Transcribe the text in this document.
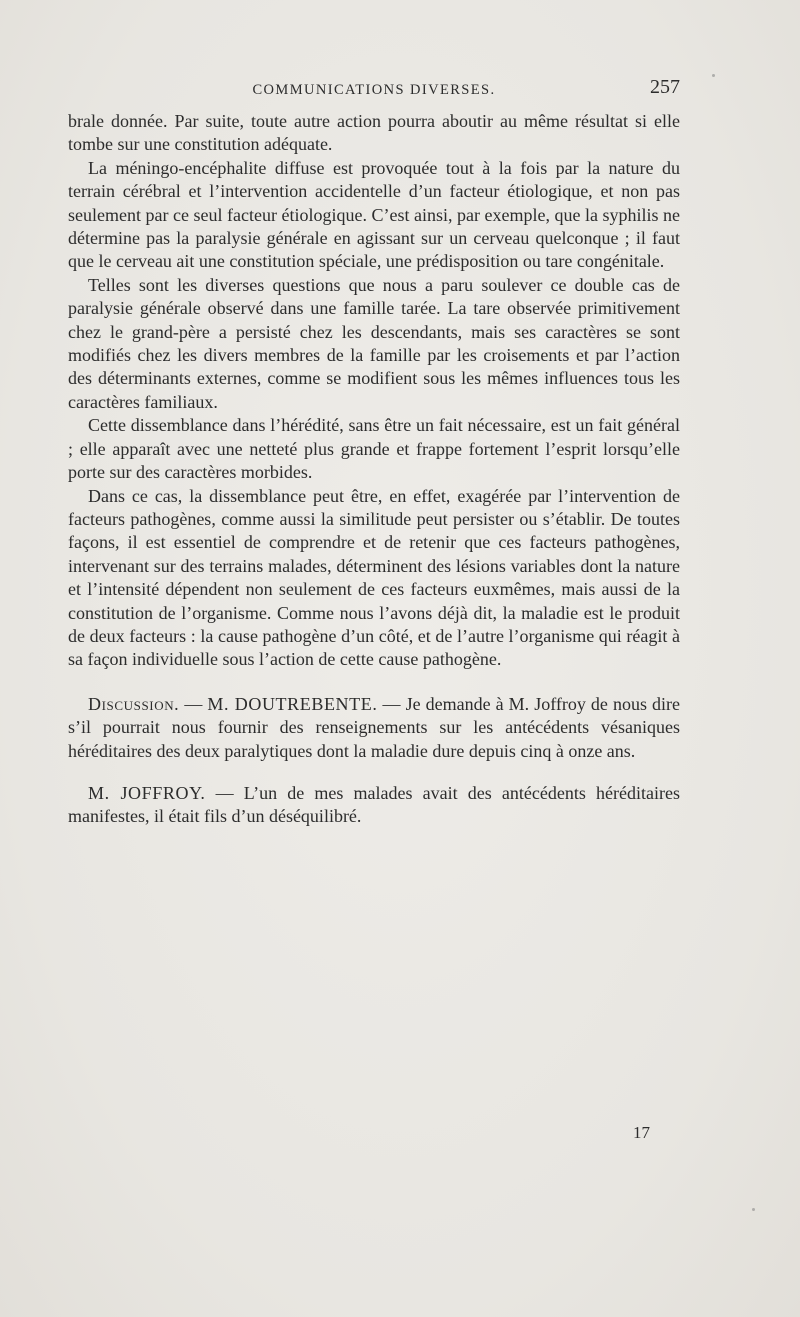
COMMUNICATIONS DIVERSES.	257

brale donnée. Par suite, toute autre action pourra aboutir au même résultat si elle tombe sur une constitution adéquate.

La méningo-encéphalite diffuse est provoquée tout à la fois par la nature du terrain cérébral et l’intervention accidentelle d’un facteur étiologique, et non pas seulement par ce seul facteur étiologique. C’est ainsi, par exemple, que la syphilis ne détermine pas la paralysie générale en agissant sur un cerveau quelconque ; il faut que le cerveau ait une constitution spéciale, une prédisposition ou tare congénitale.

Telles sont les diverses questions que nous a paru soulever ce double cas de paralysie générale observé dans une famille tarée. La tare observée primitivement chez le grand-père a persisté chez les descendants, mais ses caractères se sont modifiés chez les divers membres de la famille par les croisements et par l’action des déterminants externes, comme se modifient sous les mêmes influences tous les caractères familiaux.

Cette dissemblance dans l’hérédité, sans être un fait nécessaire, est un fait général ; elle apparaît avec une netteté plus grande et frappe fortement l’esprit lorsqu’elle porte sur des caractères morbides.

Dans ce cas, la dissemblance peut être, en effet, exagérée par l’intervention de facteurs pathogènes, comme aussi la similitude peut persister ou s’établir. De toutes façons, il est essentiel de comprendre et de retenir que ces facteurs pathogènes, intervenant sur des terrains malades, déterminent des lésions variables dont la nature et l’intensité dépendent non seulement de ces facteurs euxmêmes, mais aussi de la constitution de l’organisme. Comme nous l’avons déjà dit, la maladie est le produit de deux facteurs : la cause pathogène d’un côté, et de l’autre l’organisme qui réagit à sa façon individuelle sous l’action de cette cause pathogène.

Discussion. — M. DOUTREBENTE. — Je demande à M. Joffroy de nous dire s’il pourrait nous fournir des renseignements sur les antécédents vésaniques héréditaires des deux paralytiques dont la maladie dure depuis cinq à onze ans.

M. JOFFROY. — L’un de mes malades avait des antécédents héréditaires manifestes, il était fils d’un déséquilibré.

17
